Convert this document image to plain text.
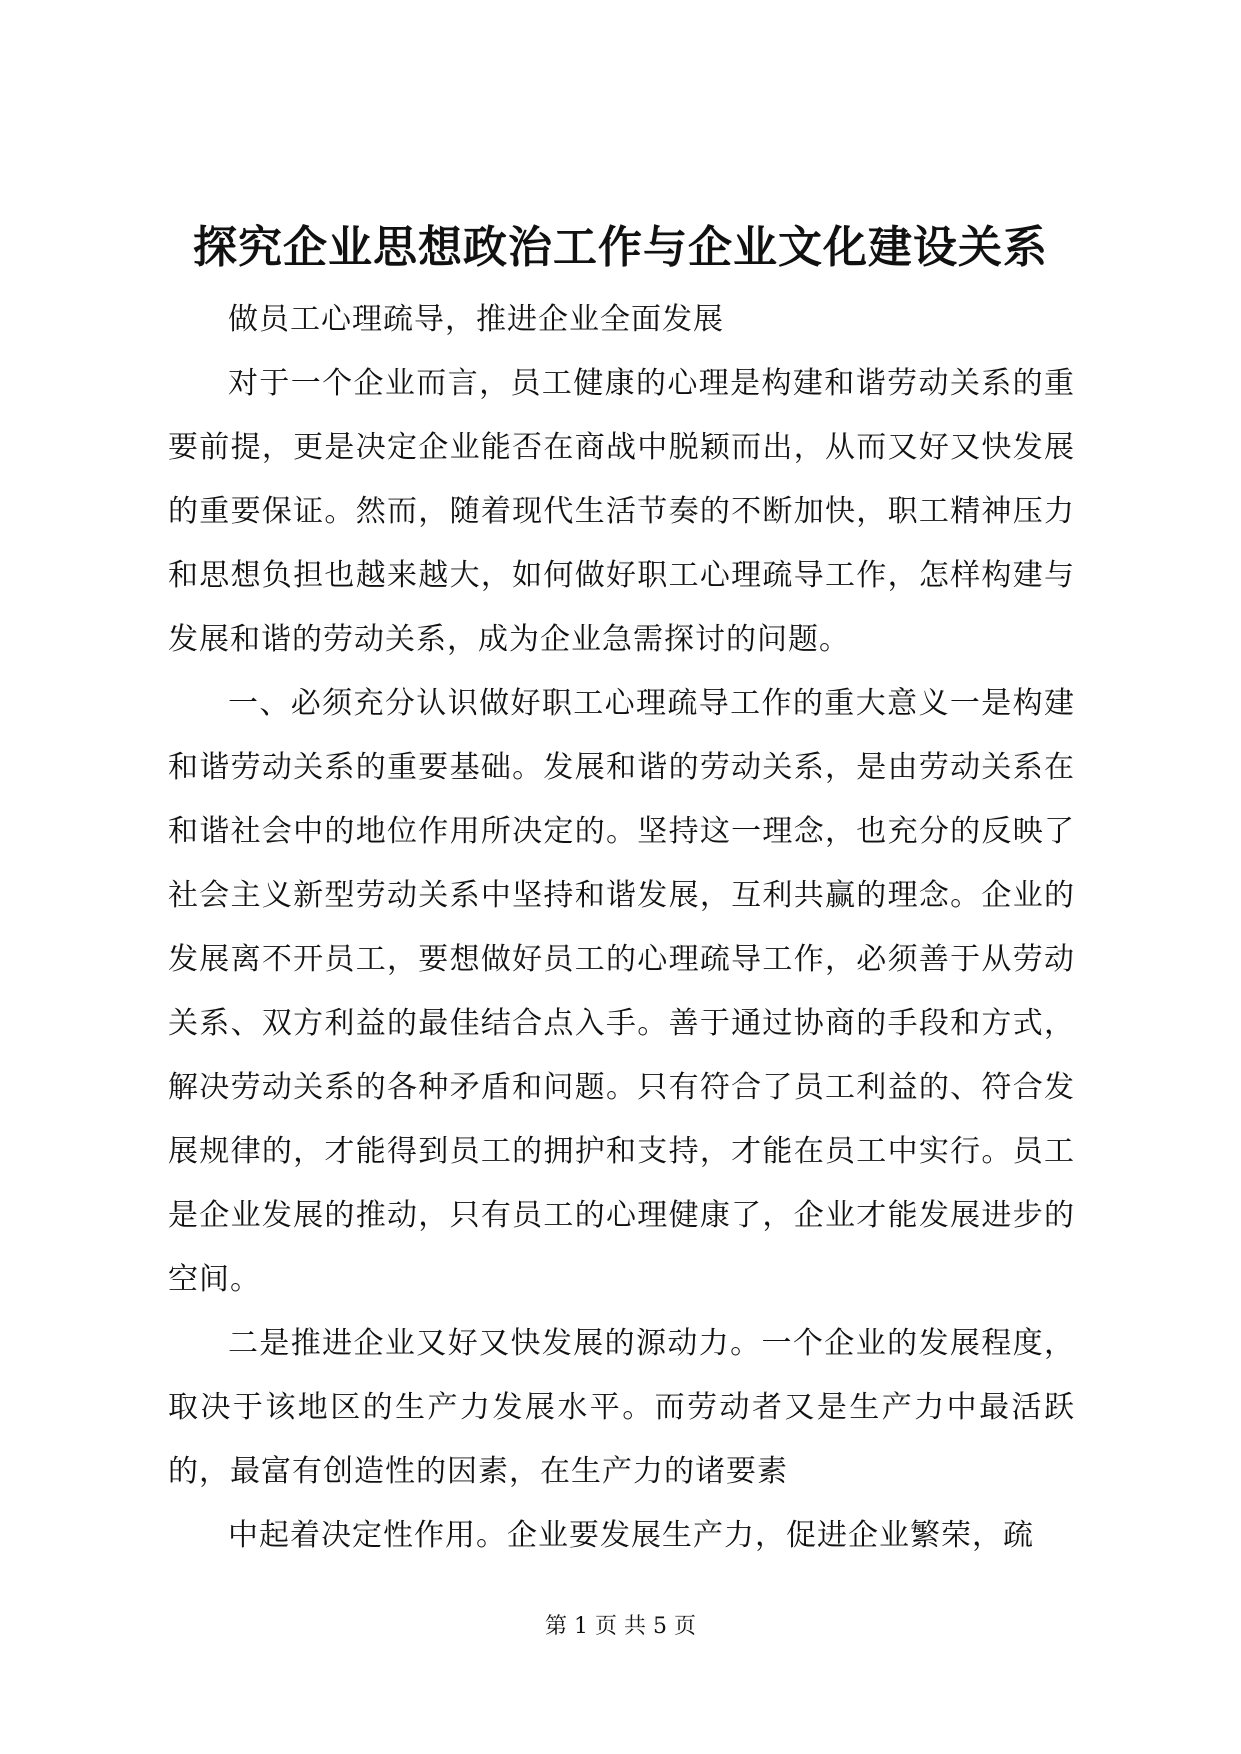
探究企业思想政治工作与企业文化建设关系

做员工心理疏导，推进企业全面发展

对于一个企业而言，员工健康的心理是构建和谐劳动关系的重要前提，更是决定企业能否在商战中脱颖而出，从而又好又快发展的重要保证。然而，随着现代生活节奏的不断加快，职工精神压力和思想负担也越来越大，如何做好职工心理疏导工作，怎样构建与发展和谐的劳动关系，成为企业急需探讨的问题。

一、必须充分认识做好职工心理疏导工作的重大意义一是构建和谐劳动关系的重要基础。发展和谐的劳动关系，是由劳动关系在和谐社会中的地位作用所决定的。坚持这一理念，也充分的反映了社会主义新型劳动关系中坚持和谐发展，互利共赢的理念。企业的发展离不开员工，要想做好员工的心理疏导工作，必须善于从劳动关系、双方利益的最佳结合点入手。善于通过协商的手段和方式，解决劳动关系的各种矛盾和问题。只有符合了员工利益的、符合发展规律的，才能得到员工的拥护和支持，才能在员工中实行。员工是企业发展的推动，只有员工的心理健康了，企业才能发展进步的空间。

二是推进企业又好又快发展的源动力。一个企业的发展程度，取决于该地区的生产力发展水平。而劳动者又是生产力中最活跃的，最富有创造性的因素，在生产力的诸要素

中起着决定性作用。企业要发展生产力，促进企业繁荣，疏

第 1 页 共 5 页
